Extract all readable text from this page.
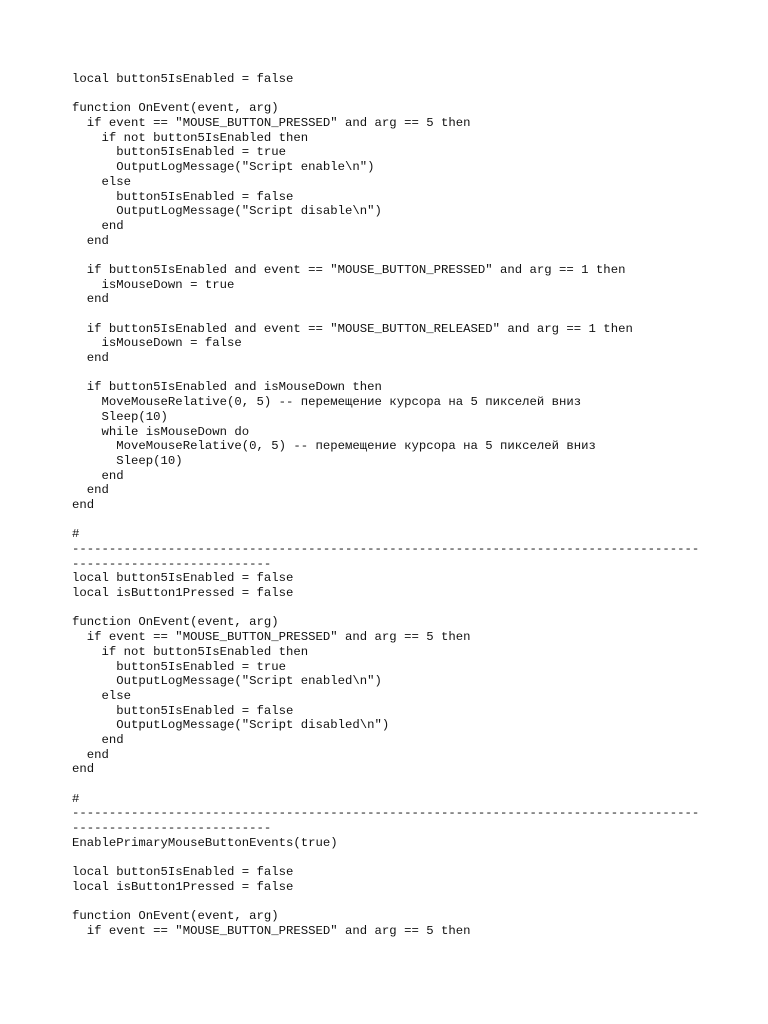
local button5IsEnabled = false
function OnEvent(event, arg)
if event == "MOUSE_BUTTON_PRESSED" and arg == 5 then
if not button5IsEnabled then
button5IsEnabled = true
OutputLogMessage("Script enable\n")
else
button5IsEnabled = false
OutputLogMessage("Script disable\n")
end
end
if button5IsEnabled and event == "MOUSE_BUTTON_PRESSED" and arg == 1 then
isMouseDown = true
end
if button5IsEnabled and event == "MOUSE_BUTTON_RELEASED" and arg == 1 then
isMouseDown = false
end
if button5IsEnabled and isMouseDown then
MoveMouseRelative(0, 5) -- перемещение курсора на 5 пикселей вниз
Sleep(10)
while isMouseDown do
MoveMouseRelative(0, 5) -- перемещение курсора на 5 пикселей вниз
Sleep(10)
end
end
end
#
-------------------------------------------------------------------------------------
---------------------------
local button5IsEnabled = false
local isButton1Pressed = false
function OnEvent(event, arg)
if event == "MOUSE_BUTTON_PRESSED" and arg == 5 then
if not button5IsEnabled then
button5IsEnabled = true
OutputLogMessage("Script enabled\n")
else
button5IsEnabled = false
OutputLogMessage("Script disabled\n")
end
end
end
#
-------------------------------------------------------------------------------------
---------------------------
EnablePrimaryMouseButtonEvents(true)
local button5IsEnabled = false
local isButton1Pressed = false
function OnEvent(event, arg)
if event == "MOUSE_BUTTON_PRESSED" and arg == 5 then
